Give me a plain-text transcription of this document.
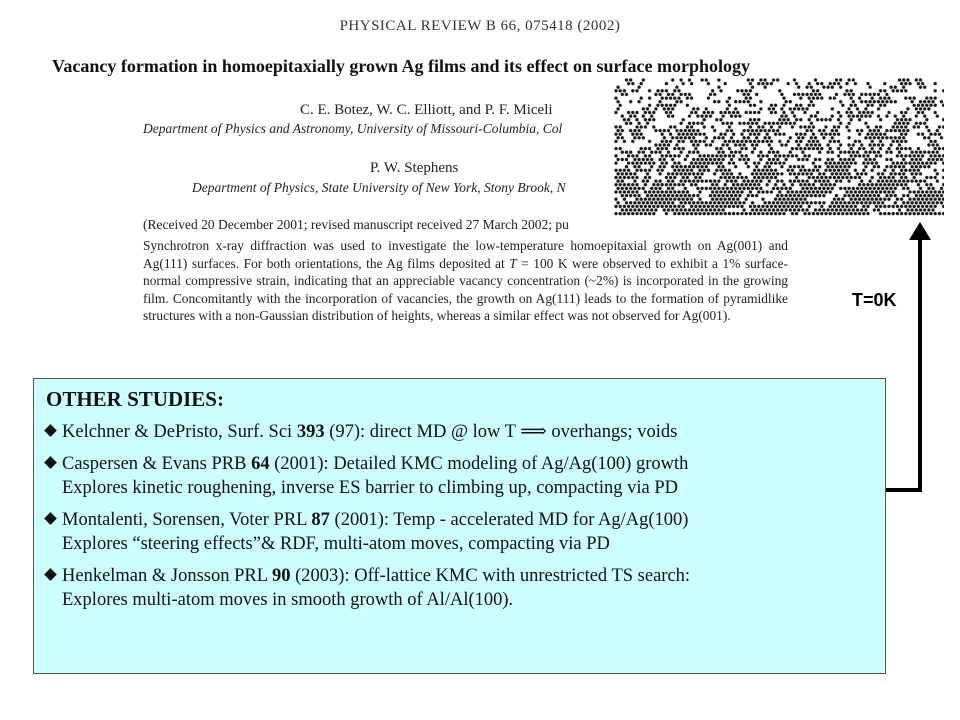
PHYSICAL REVIEW B 66, 075418 (2002)
Vacancy formation in homoepitaxially grown Ag films and its effect on surface morphology
C. E. Botez, W. C. Elliott, and P. F. Miceli
Department of Physics and Astronomy, University of Missouri-Columbia, Col
P. W. Stephens
Department of Physics, State University of New York, Stony Brook, N
(Received 20 December 2001; revised manuscript received 27 March 2002; pu

Synchrotron x-ray diffraction was used to investigate the low-temperature homoepitaxial growth on Ag(001) and Ag(111) surfaces. For both orientations, the Ag films deposited at T = 100 K were observed to exhibit a 1% surface-normal compressive strain, indicating that an appreciable vacancy concentration (~2%) is incorporated in the growing film. Concomitantly with the incorporation of vacancies, the growth on Ag(111) leads to the formation of pyramidlike structures with a non-Gaussian distribution of heights, whereas a similar effect was not observed for Ag(001).

T=0K
OTHER STUDIES:
Kelchner & DePristo, Surf. Sci 393 (97): direct MD @ low T ⟹ overhangs; voids
Caspersen & Evans PRB 64 (2001): Detailed KMC modeling of Ag/Ag(100) growth
Explores kinetic roughening, inverse ES barrier to climbing up, compacting via PD
Montalenti, Sorensen, Voter PRL 87 (2001): Temp - accelerated MD for Ag/Ag(100)
Explores “steering effects”& RDF, multi-atom moves, compacting via PD
Henkelman & Jonsson PRL 90 (2003): Off-lattice KMC with unrestricted TS search:
Explores multi-atom moves in smooth growth of Al/Al(100).
